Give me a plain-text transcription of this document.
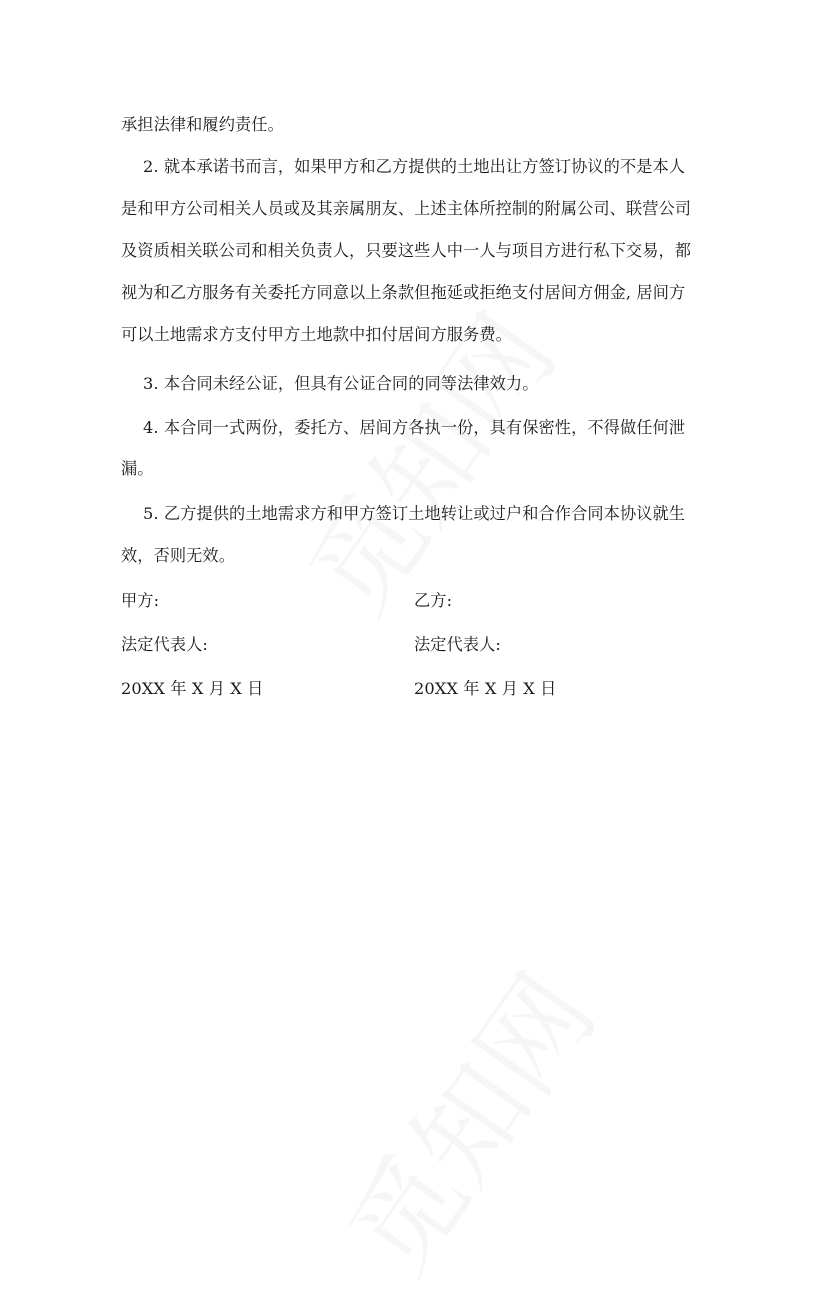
承担法律和履约责任。
2. 就本承诺书而言，如果甲方和乙方提供的土地出让方签订协议的不是本人
是和甲方公司相关人员或及其亲属朋友、上述主体所控制的附属公司、联营公司
及资质相关联公司和相关负责人，只要这些人中一人与项目方进行私下交易，都
视为和乙方服务有关委托方同意以上条款但拖延或拒绝支付居间方佣金, 居间方
可以土地需求方支付甲方土地款中扣付居间方服务费。
3. 本合同未经公证，但具有公证合同的同等法律效力。
4. 本合同一式两份，委托方、居间方各执一份，具有保密性，不得做任何泄
漏。
5. 乙方提供的土地需求方和甲方签订土地转让或过户和合作合同本协议就生
效，否则无效。
甲方:	乙方:
法定代表人:	法定代表人:
20XX 年 X 月 X 日	20XX 年 X 月 X 日
